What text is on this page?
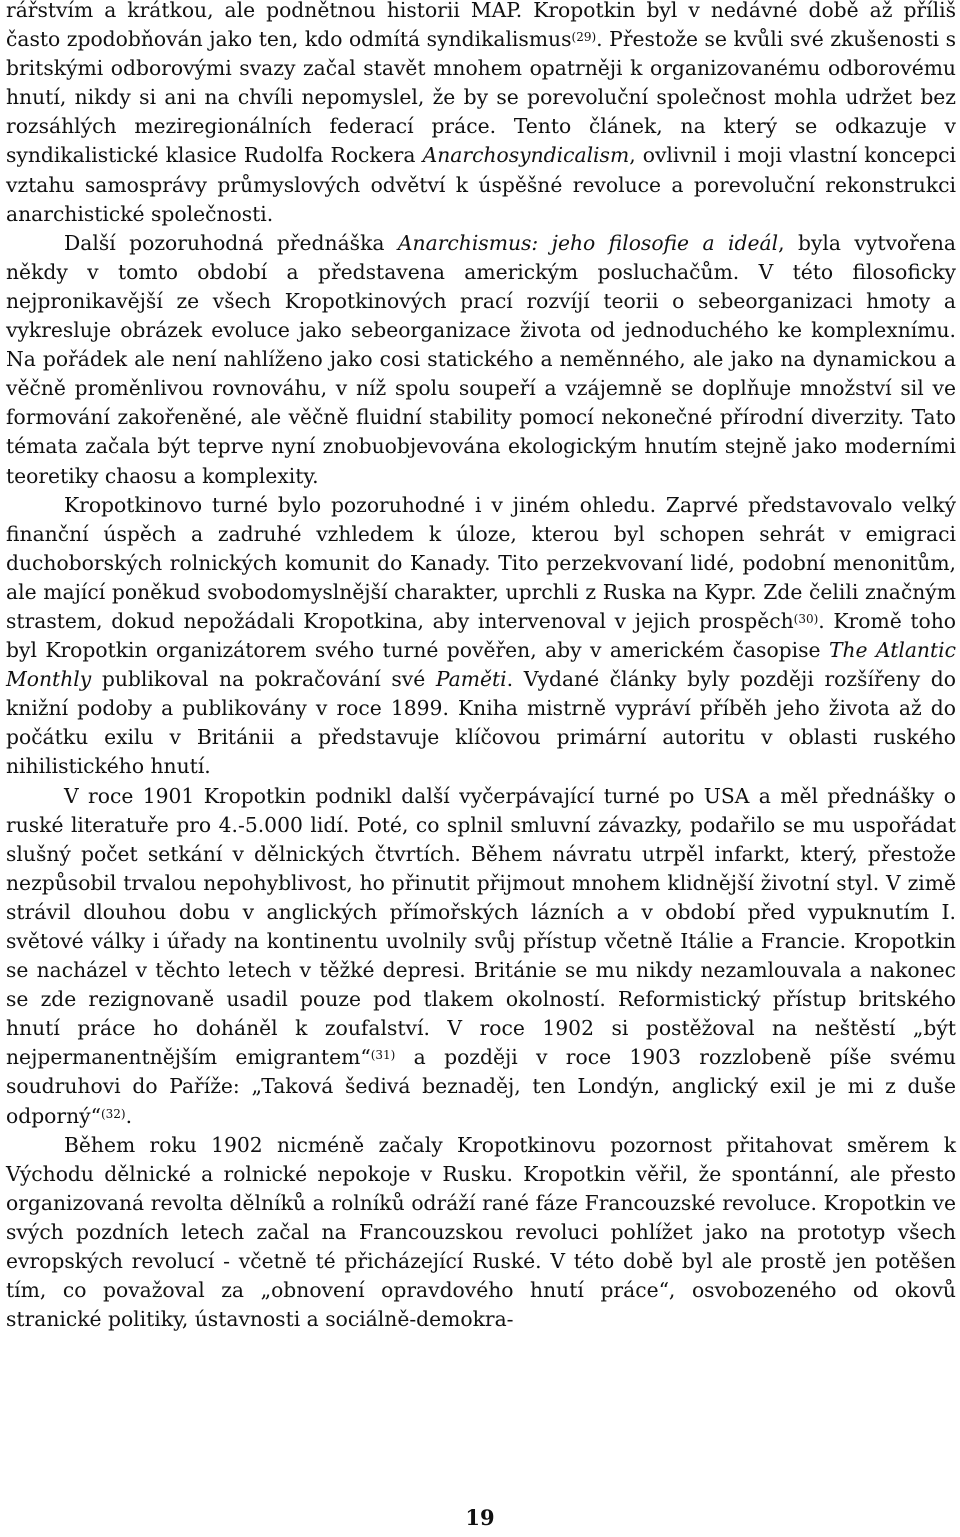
rářstvím a krátkou, ale podnětnou historii MAP. Kropotkin byl v nedávné době až příliš často zpodobňován jako ten, kdo odmítá syndikalismus$^{(29)}$. Přestože se kvůli své zkušenosti s britskými odborovými svazy začal stavět mnohem opatrněji k organizovanému odborovému hnutí, nikdy si ani na chvíli nepomyslel, že by se porevoluční společnost mohla udržet bez rozsáhlých meziregionálních federací práce. Tento článek, na který se odkazuje v syndikalistické klasice Rudolfa Rockera Anarchosyndicalism, ovlivnil i moji vlastní koncepci vztahu samosprávy průmyslových odvětví k úspěšné revoluce a porevoluční rekonstrukci anarchistické společnosti.

Další pozoruhodná přednáška Anarchismus: jeho filosofie a ideál, byla vytvořena někdy v tomto období a představena americkým posluchačům. V této filosoficky nejpronikavější ze všech Kropotkinových prací rozvíjí teorii o sebeorganizaci hmoty a vykresluje obrázek evoluce jako sebeorganizace života od jednoduchého ke komplexnímu. Na pořádek ale není nahlíženo jako cosi statického a neměnného, ale jako na dynamickou a věčně proměnlivou rovnováhu, v níž spolu soupeří a vzájemně se doplňuje množství sil ve formování zakořeněné, ale věčně fluidní stability pomocí nekonečné přírodní diverzity. Tato témata začala být teprve nyní znobuobjevována ekologickým hnutím stejně jako moderními teoretiky chaosu a komplexity.

Kropotkinovo turné bylo pozoruhodné i v jiném ohledu. Zaprvé představovalo velký finanční úspěch a zadruhé vzhledem k úloze, kterou byl schopen sehrát v emigraci duchoborských rolnických komunit do Kanady. Tito perzekvovaní lidé, podobní menonitům, ale mající poněkud svobodomyslnější charakter, uprchli z Ruska na Kypr. Zde čelili značným strastem, dokud nepožádali Kropotkina, aby intervenoval v jejich prospěch$^{(30)}$. Kromě toho byl Kropotkin organizátorem svého turné pověřen, aby v americkém časopise The Atlantic Monthly publikoval na pokračování své Paměti. Vydané články byly později rozšířeny do knižní podoby a publikovány v roce 1899. Kniha mistrně vypráví příběh jeho života až do počátku exilu v Británii a představuje klíčovou primární autoritu v oblasti ruského nihilistického hnutí.

V roce 1901 Kropotkin podnikl další vyčerpávající turné po USA a měl přednášky o ruské literatuře pro 4.-5.000 lidí. Poté, co splnil smluvní závazky, podařilo se mu uspořádat slušný počet setkání v dělnických čtvrtích. Během návratu utrpěl infarkt, který, přestože nezpůsobil trvalou nepohyblivost, ho přinutit přijmout mnohem klidnější životní styl. V zimě strávil dlouhou dobu v anglických přímořských lázních a v období před vypuknutím I. světové války i úřady na kontinentu uvolnily svůj přístup včetně Itálie a Francie. Kropotkin se nacházel v těchto letech v těžké depresi. Británie se mu nikdy nezamlouvala a nakonec se zde rezignovaně usadil pouze pod tlakem okolností. Reformistický přístup britského hnutí práce ho doháněl k zoufalství. V roce 1902 si postěžoval na neštěstí „být nejpermanentnějším emigrantem“$^{(31)}$ a později v roce 1903 rozzlobeně píše svému soudruhovi do Paříže: „Taková šedivá beznaděj, ten Londýn, anglický exil je mi z duše odporný“$^{(32)}$.

Během roku 1902 nicméně začaly Kropotkinovu pozornost přitahovat směrem k Východu dělnické a rolnické nepokoje v Rusku. Kropotkin věřil, že spontánní, ale přesto organizovaná revolta dělníků a rolníků odráží rané fáze Francouzské revoluce. Kropotkin ve svých pozdních letech začal na Francouzskou revoluci pohlížet jako na prototyp všech evropských revolucí - včetně té přicházející Ruské. V této době byl ale prostě jen potěšen tím, co považoval za „obnovení opravdového hnutí práce“, osvobozeného od okovů stranické politiky, ústavnosti a sociálně-demokra-

19
